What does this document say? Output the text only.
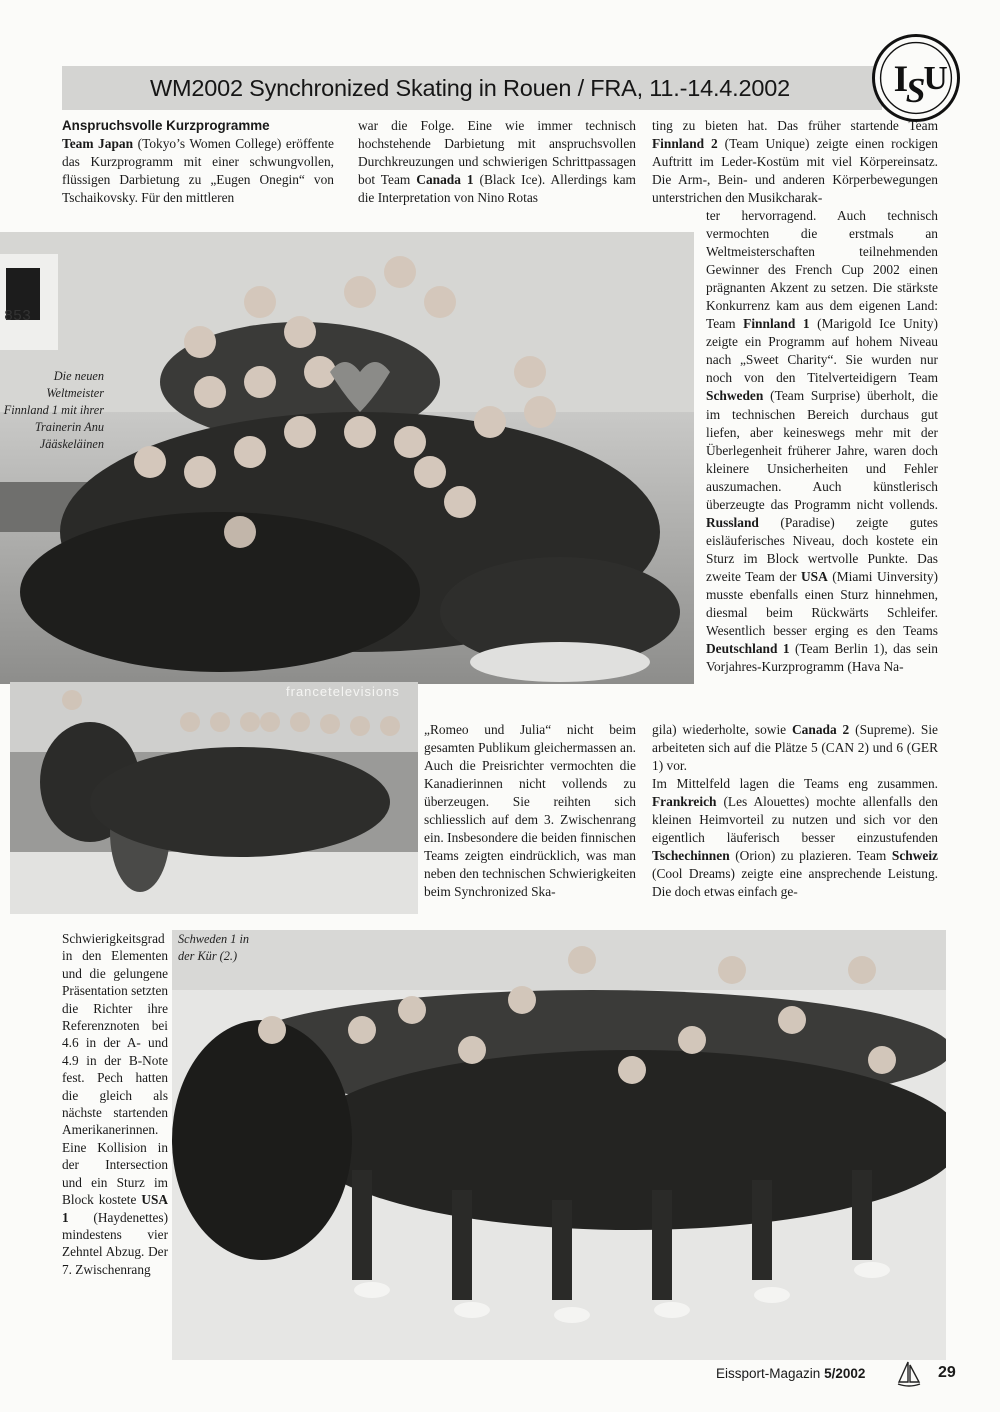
WM2002 Synchronized Skating in Rouen / FRA, 11.-14.4.2002	I
S
U
Anspruchsvolle Kurzprogramme

Team Japan (Tokyo’s Women College) eröffente das Kurzprogramm mit einer schwungvollen, flüssigen Darbietung zu „Eugen Onegin“ von Tschaikovsky. Für den mittleren

war die Folge. Eine wie immer technisch hochstehende Darbietung mit anspruchsvollen Durchkreuzungen und schwierigen Schrittpassagen bot Team Canada 1 (Black Ice). Allerdings kam die Interpretation von Nino Rotas

ting zu bieten hat. Das früher startende Team Finnland 2 (Team Unique) zeigte einen rockigen Auftritt im Leder-Kostüm mit viel Körpereinsatz. Die Arm-, Bein- und anderen Körperbewegungen unterstrichen den Musikcharak-

ter hervorragend. Auch technisch vermochten die erstmals an Weltmeisterschaften teilnehmenden Gewinner des French Cup 2002 einen prägnanten Akzent zu setzen. Die stärkste Konkurrenz kam aus dem eigenen Land: Team Finnland 1 (Marigold Ice Unity) zeigte ein Programm auf hohem Niveau nach „Sweet Charity“. Sie wurden nur noch von den Titelverteidigern Team Schweden (Team Surprise) überholt, die im technischen Bereich durchaus gut liefen, aber keineswegs mehr mit der Überlegenheit früherer Jahre, waren doch kleinere Unsicherheiten und Fehler auszumachen. Auch künstlerisch überzeugte das Programm nicht vollends. Russland (Paradise) zeigte gutes eisläuferisches Niveau, doch kostete ein Sturz im Block wertvolle Punkte. Das zweite Team der USA (Miami Uinversity) musste ebenfalls einen Sturz hinnehmen, diesmal beim Rückwärts Schleifer. Wesentlich besser erging es den Teams Deutschland 1 (Team Berlin 1), das sein Vorjahres-Kurzprogramm (Hava Na-

853
Die neuen Weltmeister Finnland 1 mit ihrer Trainerin Anu Jääskeläinen
francetelevisions

„Romeo und Julia“ nicht beim gesamten Publikum gleichermassen an. Auch die Preisrichter vermochten die Kanadierinnen nicht vollends zu überzeugen. Sie reihten sich schliesslich auf dem 3. Zwischenrang ein. Insbesondere die beiden finnischen Teams zeigten eindrücklich, was man neben den technischen Schwierigkeiten beim Synchronized Ska-

gila) wiederholte, sowie Canada 2 (Supreme). Sie arbeiteten sich auf die Plätze 5 (CAN 2) und 6 (GER 1) vor.

Im Mittelfeld lagen die Teams eng zusammen. Frankreich (Les Alouettes) mochte allenfalls den kleinen Heimvorteil zu nutzen und sich vor den eigentlich läuferisch besser einzustufenden Tschechinnen (Orion) zu plazieren. Team Schweiz (Cool Dreams) zeigte eine ansprechende Leistung. Die doch etwas einfach ge-

Schwierigkeitsgrad in den Elementen und die gelungene Präsentation setzten die Richter ihre Referenznoten bei 4.6 in der A- und 4.9 in der B-Note fest. Pech hatten die gleich als nächste startenden Amerikanerinnen. Eine Kollision in der Intersection und ein Sturz im Block kostete USA 1 (Haydenettes) mindestens vier Zehntel Abzug. Der 7. Zwischenrang

Schweden 1 in der Kür (2.)
Eissport-Magazin 5/2002	29
